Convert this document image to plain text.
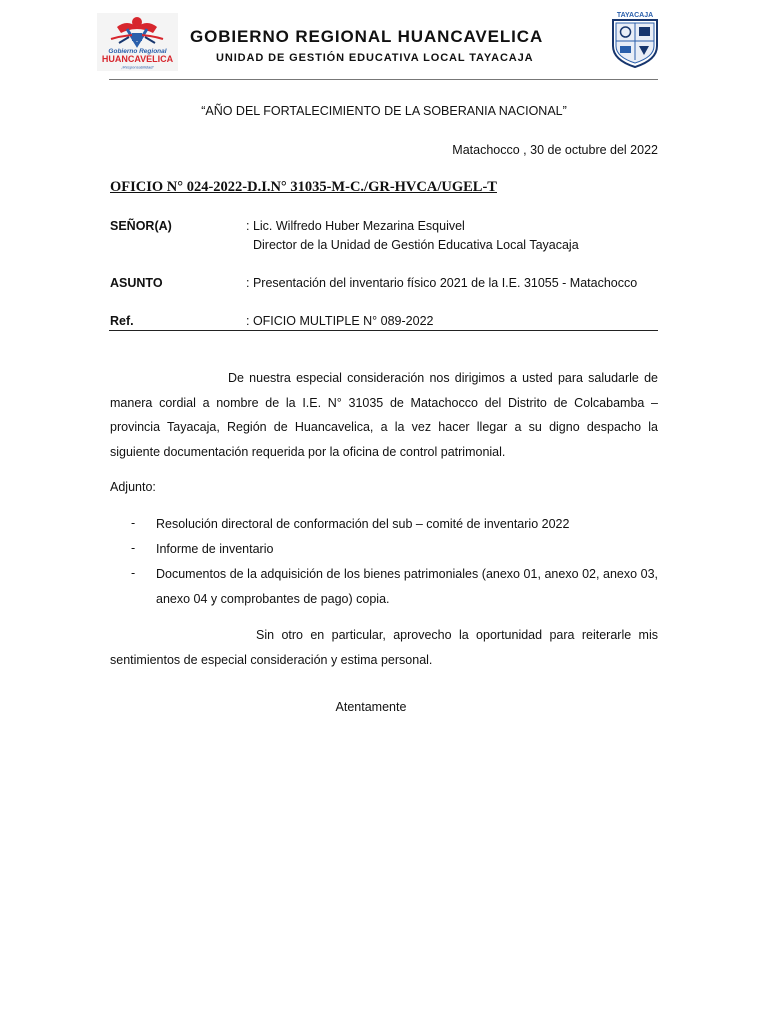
Gobierno Regional
HUANCAVELICA
¡Responsabilidad!
GOBIERNO REGIONAL HUANCAVELICA
UNIDAD DE GESTIÓN EDUCATIVA LOCAL TAYACAJA
TAYACAJA
“AÑO DEL FORTALECIMIENTO DE LA SOBERANIA NACIONAL”
Matachocco , 30 de octubre del 2022
OFICIO N° 024-2022-D.I.N° 31035-M-C./GR-HVCA/UGEL-T
SEÑOR(A)	: Lic. Wilfredo Huber Mezarina Esquivel
Director de la Unidad de Gestión Educativa Local Tayacaja
ASUNTO	: Presentación del inventario físico 2021 de la I.E. 31055 - Matachocco
Ref.	: OFICIO MULTIPLE N° 089-2022
De nuestra especial consideración nos dirigimos a usted para saludarle de manera cordial a nombre de la I.E. N° 31035 de Matachocco del Distrito de Colcabamba – provincia Tayacaja, Región de Huancavelica, a la vez hacer llegar a su digno despacho la siguiente documentación requerida por la oficina de control patrimonial.
Adjunto:
- Resolución directoral de conformación del sub – comité de inventario 2022
- Informe de inventario
- Documentos de la adquisición de los bienes patrimoniales (anexo 01, anexo 02, anexo 03, anexo 04 y comprobantes de pago) copia.
Sin otro en particular, aprovecho la oportunidad para reiterarle mis sentimientos de especial consideración y estima personal.
Atentamente
